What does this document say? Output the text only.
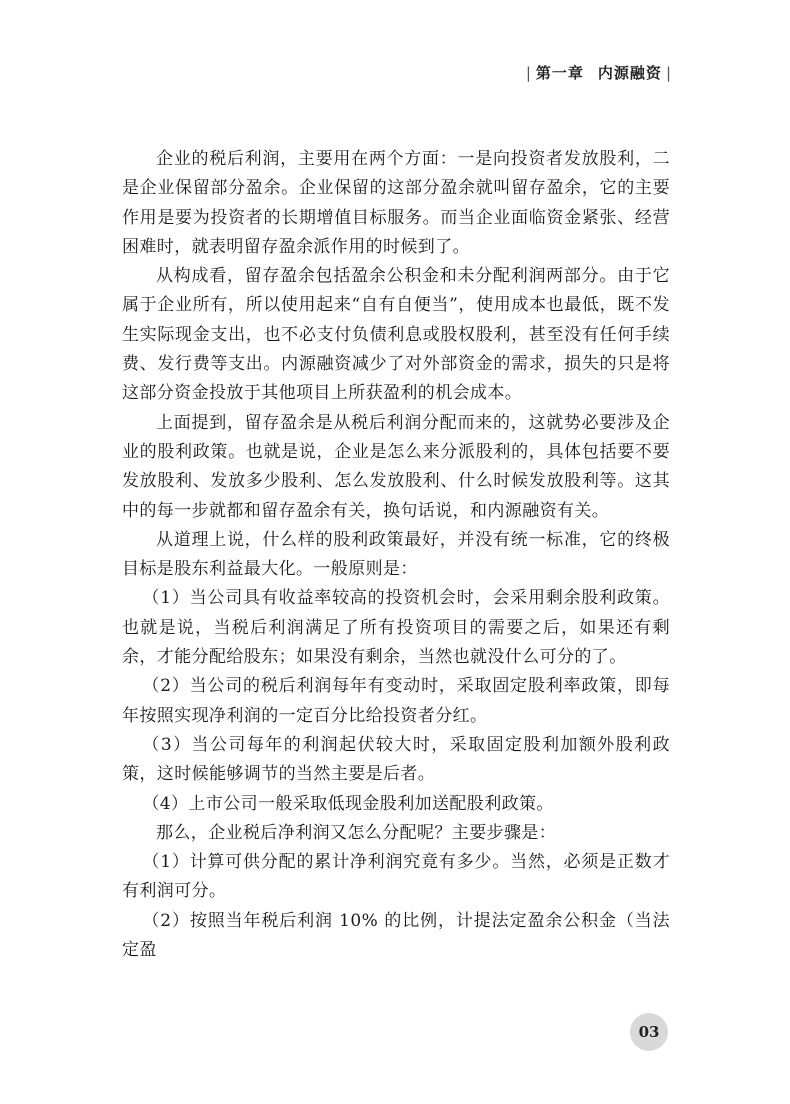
| 第一章 内源融资 |

企业的税后利润，主要用在两个方面：一是向投资者发放股利，二是企业保留部分盈余。企业保留的这部分盈余就叫留存盈余，它的主要作用是要为投资者的长期增值目标服务。而当企业面临资金紧张、经营困难时，就表明留存盈余派作用的时候到了。

从构成看，留存盈余包括盈余公积金和未分配利润两部分。由于它属于企业所有，所以使用起来“自有自便当”，使用成本也最低，既不发生实际现金支出，也不必支付负债利息或股权股利，甚至没有任何手续费、发行费等支出。内源融资减少了对外部资金的需求，损失的只是将这部分资金投放于其他项目上所获盈利的机会成本。

上面提到，留存盈余是从税后利润分配而来的，这就势必要涉及企业的股利政策。也就是说，企业是怎么来分派股利的，具体包括要不要发放股利、发放多少股利、怎么发放股利、什么时候发放股利等。这其中的每一步就都和留存盈余有关，换句话说，和内源融资有关。

从道理上说，什么样的股利政策最好，并没有统一标准，它的终极目标是股东利益最大化。一般原则是：

（1）当公司具有收益率较高的投资机会时，会采用剩余股利政策。也就是说，当税后利润满足了所有投资项目的需要之后，如果还有剩余，才能分配给股东；如果没有剩余，当然也就没什么可分的了。

（2）当公司的税后利润每年有变动时，采取固定股利率政策，即每年按照实现净利润的一定百分比给投资者分红。

（3）当公司每年的利润起伏较大时，采取固定股利加额外股利政策，这时候能够调节的当然主要是后者。

（4）上市公司一般采取低现金股利加送配股利政策。

那么，企业税后净利润又怎么分配呢？主要步骤是：

（1）计算可供分配的累计净利润究竟有多少。当然，必须是正数才有利润可分。

（2）按照当年税后利润 10% 的比例，计提法定盈余公积金（当法定盈

03
